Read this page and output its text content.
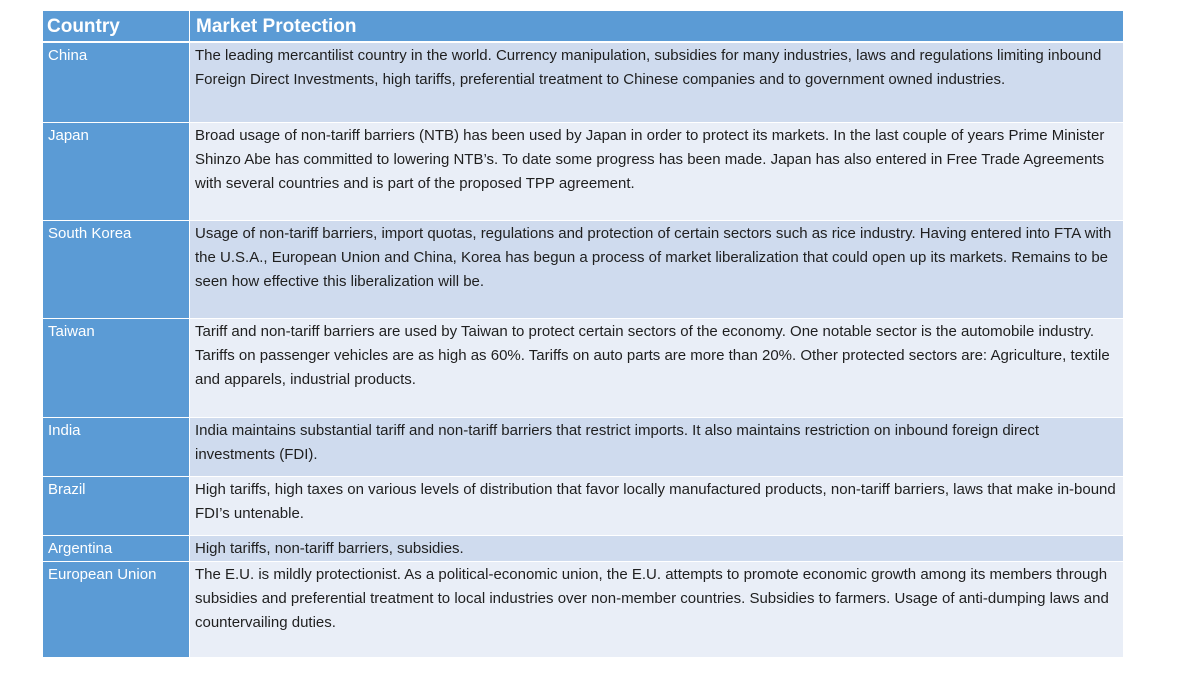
Country	Market Protection
China	The leading mercantilist country in the world. Currency manipulation, subsidies for many industries, laws and regulations limiting inbound Foreign Direct Investments, high tariffs, preferential treatment to Chinese companies and to government owned industries.
Japan	Broad usage of non-tariff barriers (NTB) has been used by Japan in order to protect its markets. In the last couple of years Prime Minister Shinzo Abe has committed to lowering NTB’s. To date some progress has been made. Japan has also entered in Free Trade Agreements with several countries and is part of the proposed TPP agreement.
South Korea	Usage of non-tariff barriers, import quotas, regulations and protection of certain sectors such as rice industry. Having entered into FTA with the U.S.A., European Union and China, Korea has begun a process of market liberalization that could open up its markets. Remains to be seen how effective this liberalization will be.
Taiwan	Tariff and non-tariff barriers are used by Taiwan to protect certain sectors of the economy. One notable sector is the automobile industry. Tariffs on passenger vehicles are as high as 60%. Tariffs on auto parts are more than 20%. Other protected sectors are: Agriculture, textile and apparels, industrial products.
India	India maintains substantial tariff and non-tariff barriers that restrict imports. It also maintains restriction on inbound foreign direct investments (FDI).
Brazil	High tariffs, high taxes on various levels of distribution that favor locally manufactured products, non-tariff barriers, laws that make in-bound FDI’s untenable.
Argentina	High tariffs, non-tariff barriers, subsidies.
European Union	The E.U. is mildly protectionist. As a political-economic union, the E.U. attempts to promote economic growth among its members through subsidies and preferential treatment to local industries over non-member countries. Subsidies to farmers. Usage of anti-dumping laws and countervailing duties.
